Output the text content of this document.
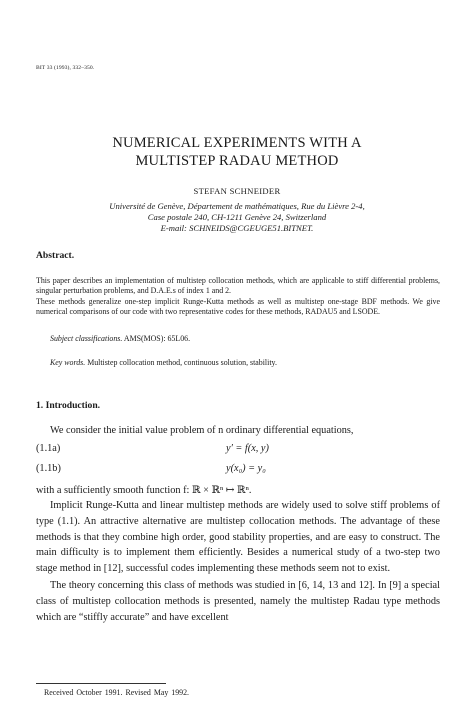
BIT 33 (1993), 332–350.
NUMERICAL EXPERIMENTS WITH A
MULTISTEP RADAU METHOD
STEFAN SCHNEIDER
Université de Genève, Département de mathématiques, Rue du Lièvre 2-4,
Case postale 240, CH-1211 Genève 24, Switzerland
E-mail: SCHNEIDS@CGEUGE51.BITNET.
Abstract.
This paper describes an implementation of multistep collocation methods, which are applicable to stiff differential problems, singular perturbation problems, and D.A.E.s of index 1 and 2.
These methods generalize one-step implicit Runge-Kutta methods as well as multistep one-stage BDF methods. We give numerical comparisons of our code with two representative codes for these methods, RADAU5 and LSODE.
Subject classifications. AMS(MOS): 65L06.
Key words. Multistep collocation method, continuous solution, stability.
1. Introduction.
We consider the initial value problem of n ordinary differential equations,
(1.1a)	y′ = f(x, y)
(1.1b)	y(x₀) = y₀
with a sufficiently smooth function f: ℝ × ℝⁿ ↦ ℝⁿ.
Implicit Runge-Kutta and linear multistep methods are widely used to solve stiff problems of type (1.1). An attractive alternative are multistep collocation methods. The advantage of these methods is that they combine high order, good stability properties, and are easy to construct. The main difficulty is to implement them efficiently. Besides a numerical study of a two-step two stage method in [12], successful codes implementing these methods seem not to exist.
The theory concerning this class of methods was studied in [6, 14, 13 and 12]. In [9] a special class of multistep collocation methods is presented, namely the multistep Radau type methods which are “stiffly accurate” and have excellent
Received October 1991. Revised May 1992.
